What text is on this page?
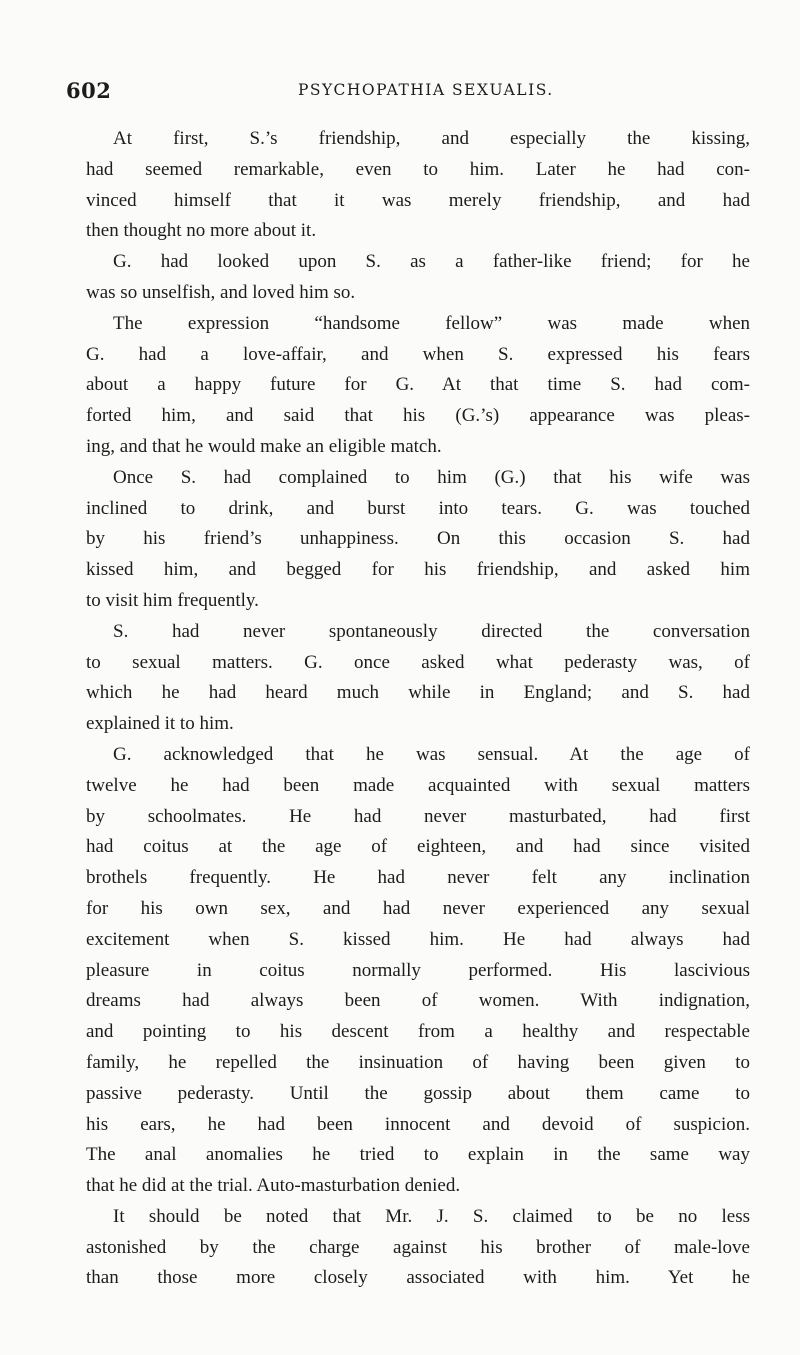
602	PSYCHOPATHIA SEXUALIS.
At first, S.’s friendship, and especially the kissing,
had seemed remarkable, even to him. Later he had con-
vinced himself that it was merely friendship, and had
then thought no more about it.
G. had looked upon S. as a father-like friend; for he
was so unselfish, and loved him so.
The expression “handsome fellow” was made when
G. had a love-affair, and when S. expressed his fears
about a happy future for G. At that time S. had com-
forted him, and said that his (G.’s) appearance was pleas-
ing, and that he would make an eligible match.
Once S. had complained to him (G.) that his wife was
inclined to drink, and burst into tears. G. was touched
by his friend’s unhappiness. On this occasion S. had
kissed him, and begged for his friendship, and asked him
to visit him frequently.
S. had never spontaneously directed the conversation
to sexual matters. G. once asked what pederasty was, of
which he had heard much while in England; and S. had
explained it to him.
G. acknowledged that he was sensual. At the age of
twelve he had been made acquainted with sexual matters
by schoolmates. He had never masturbated, had first
had coitus at the age of eighteen, and had since visited
brothels frequently. He had never felt any inclination
for his own sex, and had never experienced any sexual
excitement when S. kissed him. He had always had
pleasure in coitus normally performed. His lascivious
dreams had always been of women. With indignation,
and pointing to his descent from a healthy and respectable
family, he repelled the insinuation of having been given to
passive pederasty. Until the gossip about them came to
his ears, he had been innocent and devoid of suspicion.
The anal anomalies he tried to explain in the same way
that he did at the trial. Auto-masturbation denied.
It should be noted that Mr. J. S. claimed to be no less
astonished by the charge against his brother of male-love
than those more closely associated with him. Yet he
